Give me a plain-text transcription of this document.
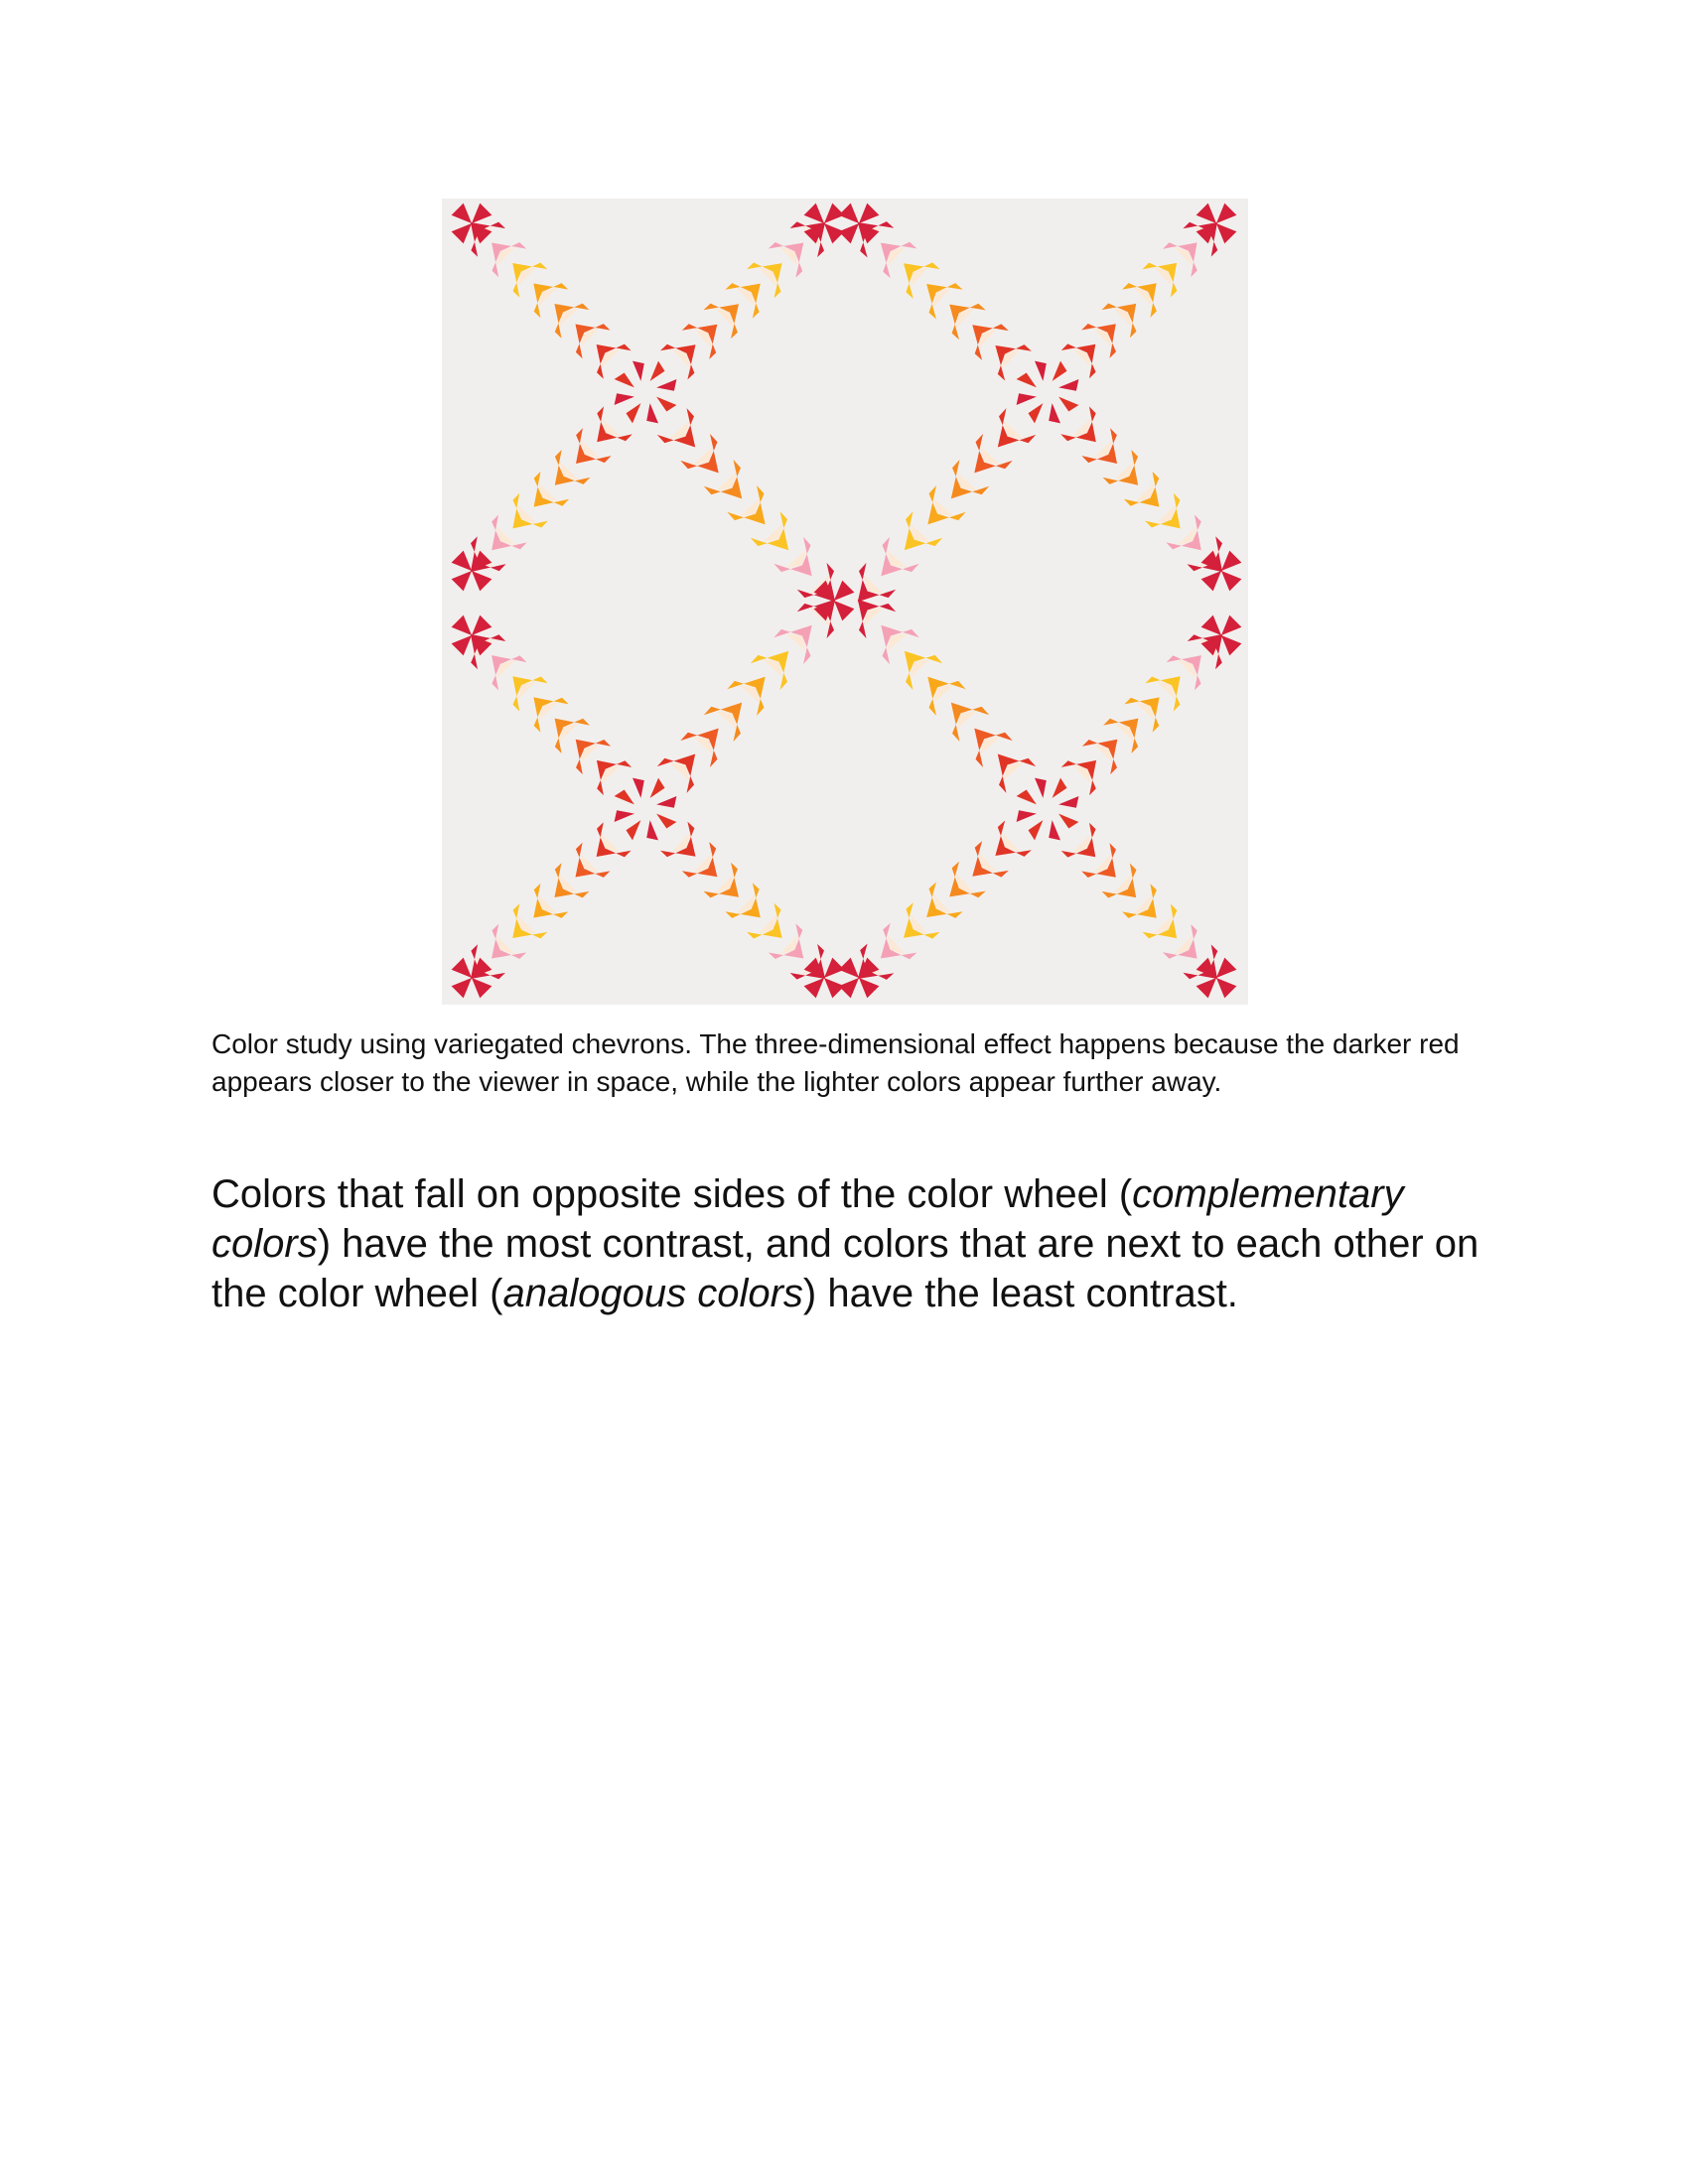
Color study using variegated chevrons. The three-dimensional effect happens because the darker red appears closer to the viewer in space, while the lighter colors appear further away.

Colors that fall on opposite sides of the color wheel (complementary colors) have the most contrast, and colors that are next to each other on the color wheel (analogous colors) have the least contrast.
